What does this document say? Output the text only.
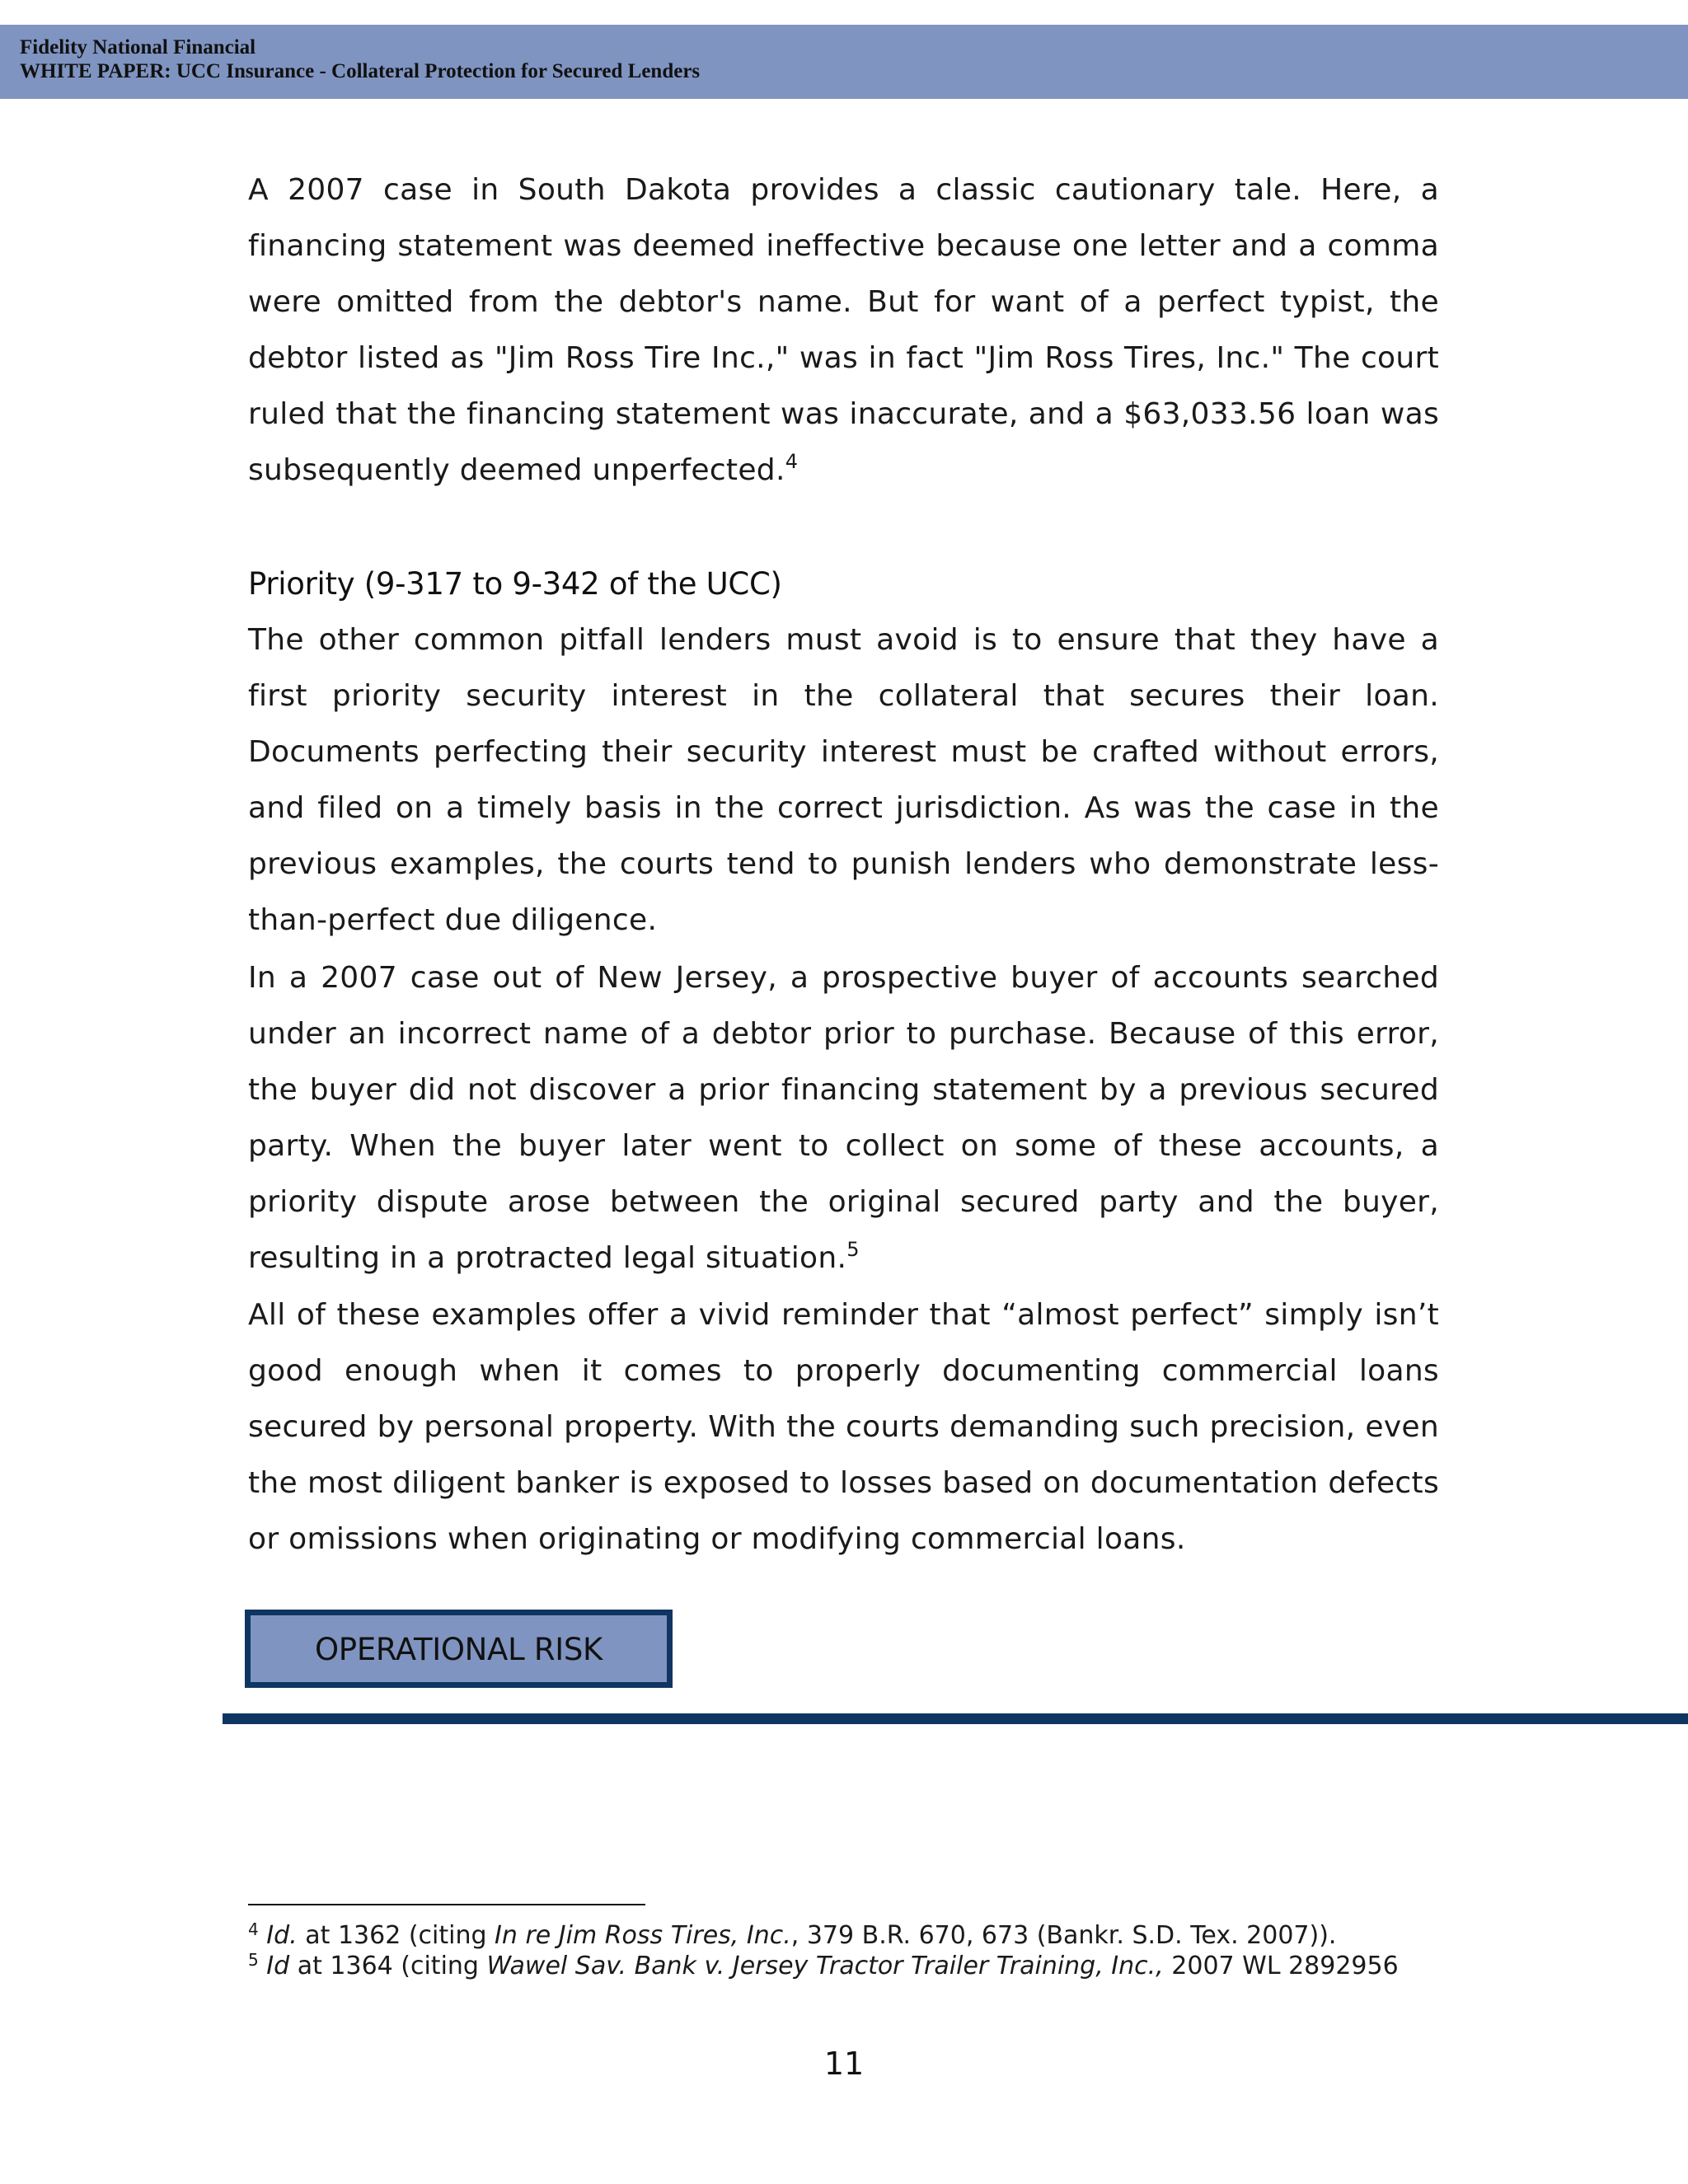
Fidelity National Financial
WHITE PAPER: UCC Insurance - Collateral Protection for Secured Lenders

A 2007 case in South Dakota provides a classic cautionary tale. Here, a financing statement was deemed ineffective because one letter and a comma were omitted from the debtor's name. But for want of a perfect typist, the debtor listed as "Jim Ross Tire Inc.," was in fact "Jim Ross Tires, Inc." The court ruled that the financing statement was inaccurate, and a $63,033.56 loan was subsequently deemed unperfected.$^4$

Priority (9-317 to 9-342 of the UCC)

The other common pitfall lenders must avoid is to ensure that they have a first priority security interest in the collateral that secures their loan. Documents perfecting their security interest must be crafted without errors, and filed on a timely basis in the correct jurisdiction. As was the case in the previous examples, the courts tend to punish lenders who demonstrate less-than-perfect due diligence.

In a 2007 case out of New Jersey, a prospective buyer of accounts searched under an incorrect name of a debtor prior to purchase. Because of this error, the buyer did not discover a prior financing statement by a previous secured party. When the buyer later went to collect on some of these accounts, a priority dispute arose between the original secured party and the buyer, resulting in a protracted legal situation.$^5$

All of these examples offer a vivid reminder that “almost perfect” simply isn’t good enough when it comes to properly documenting commercial loans secured by personal property. With the courts demanding such precision, even the most diligent banker is exposed to losses based on documentation defects or omissions when originating or modifying commercial loans.

OPERATIONAL RISK
$^4$ Id. at 1362 (citing In re Jim Ross Tires, Inc., 379 B.R. 670, 673 (Bankr. S.D. Tex. 2007)).
$^5$ Id at 1364 (citing Wawel Sav. Bank v. Jersey Tractor Trailer Training, Inc., 2007 WL 2892956
11
